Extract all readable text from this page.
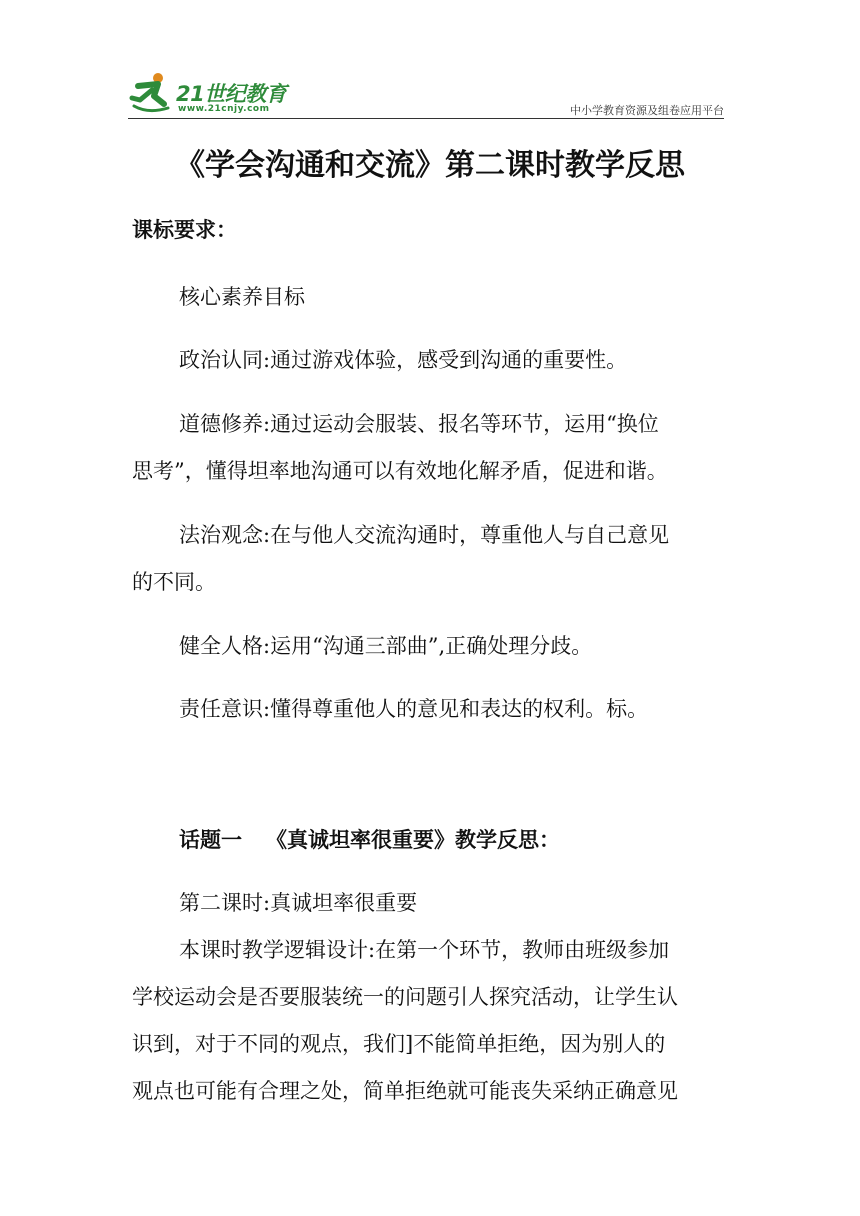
21世纪教育
www.21cnjy.com	中小学教育资源及组卷应用平台
《学会沟通和交流》第二课时教学反思
课标要求：
核心素养目标
政治认同:通过游戏体验，感受到沟通的重要性。
道德修养:通过运动会服装、报名等环节，运用“换位
思考”，懂得坦率地沟通可以有效地化解矛盾，促进和谐。
法治观念:在与他人交流沟通时，尊重他人与自己意见
的不同。
健全人格:运用“沟通三部曲”,正确处理分歧。
责任意识:懂得尊重他人的意见和表达的权利。标。
话题一 《真诚坦率很重要》教学反思：
第二课时:真诚坦率很重要
本课时教学逻辑设计:在第一个环节，教师由班级参加
学校运动会是否要服装统一的问题引人探究活动，让学生认
识到，对于不同的观点，我们]不能简单拒绝，因为别人的
观点也可能有合理之处，简单拒绝就可能丧失采纳正确意见
